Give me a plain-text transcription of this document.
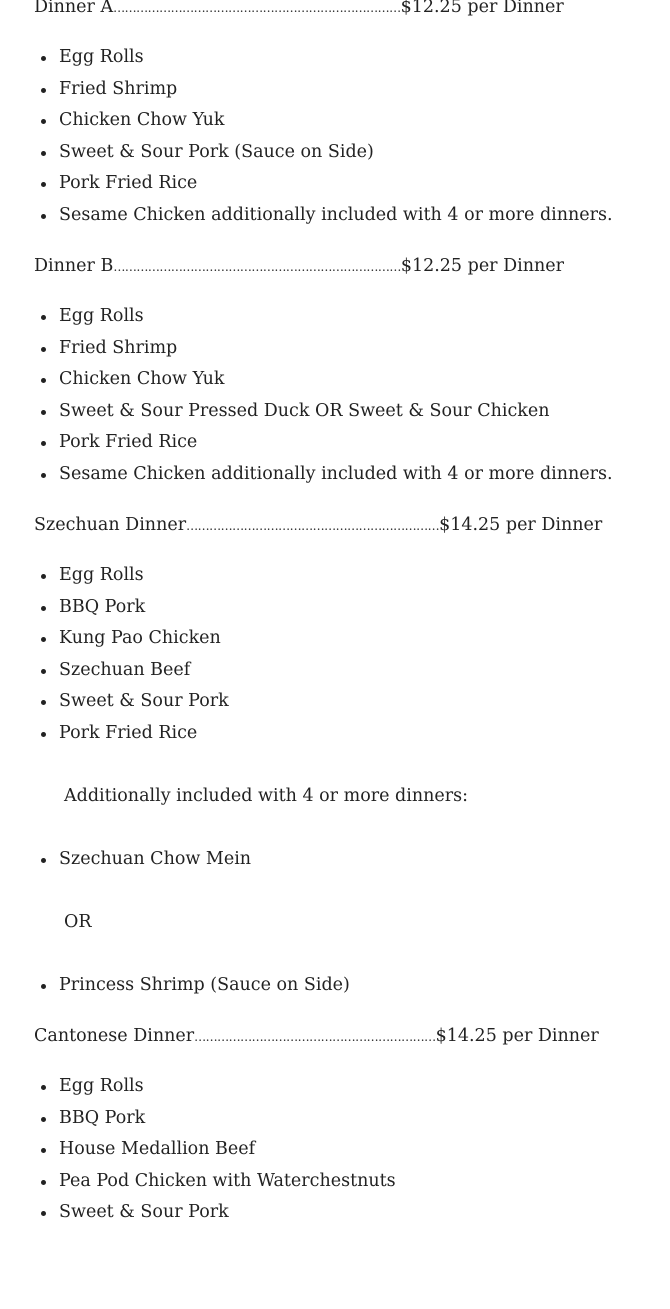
Dinner A…………………………………………………………………$12.25 per Dinner
Egg Rolls
Fried Shrimp
Chicken Chow Yuk
Sweet & Sour Pork (Sauce on Side)
Pork Fried Rice
Sesame Chicken additionally included with 4 or more dinners.
Dinner B…………………………………………………………………$12.25 per Dinner
Egg Rolls
Fried Shrimp
Chicken Chow Yuk
Sweet & Sour Pressed Duck OR Sweet & Sour Chicken
Pork Fried Rice
Sesame Chicken additionally included with 4 or more dinners.
Szechuan Dinner…………………………………………………………$14.25 per Dinner
Egg Rolls
BBQ Pork
Kung Pao Chicken
Szechuan Beef
Sweet & Sour Pork
Pork Fried Rice
Additionally included with 4 or more dinners:
Szechuan Chow Mein
OR
Princess Shrimp (Sauce on Side)
Cantonese Dinner………………………………………………………$14.25 per Dinner
Egg Rolls
BBQ Pork
House Medallion Beef
Pea Pod Chicken with Waterchestnuts
Sweet & Sour Pork
